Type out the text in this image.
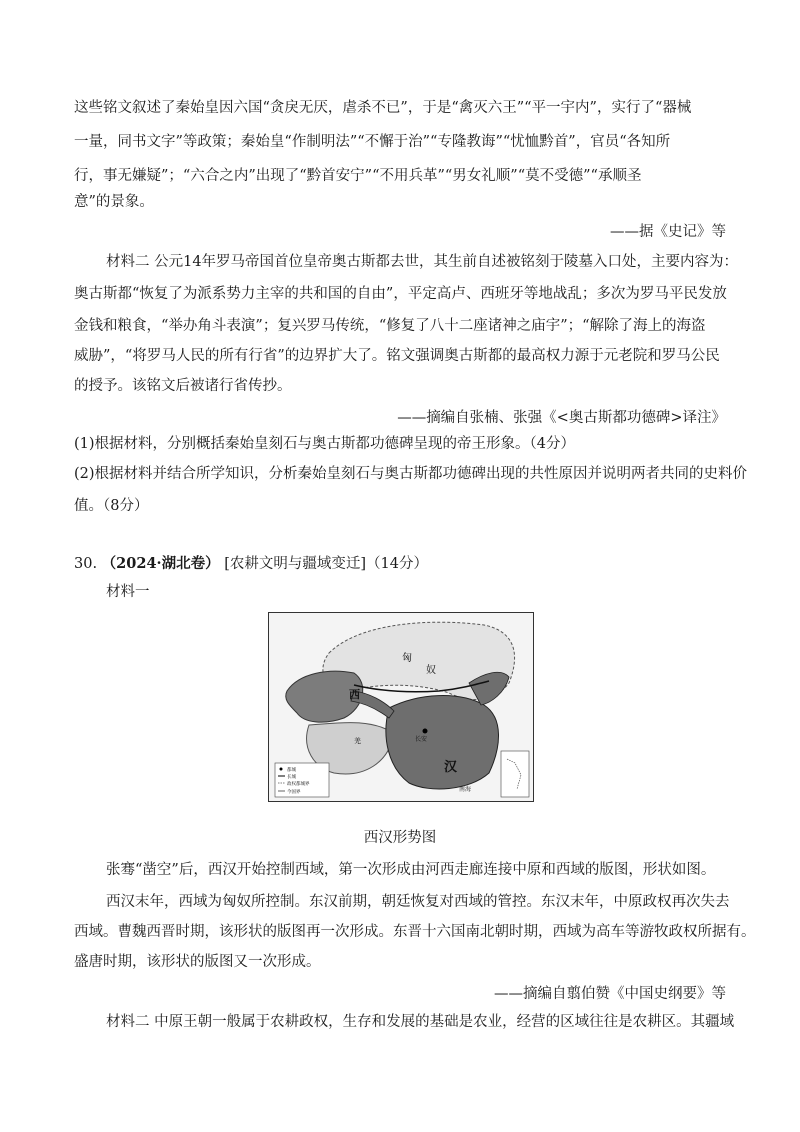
这些铭文叙述了秦始皇因六国“贪戾无厌，虐杀不已”，于是“禽灭六王”“平一宇内”，实行了“器械
一量，同书文字”等政策；秦始皇“作制明法”“不懈于治”“专隆教诲”“忧恤黔首”，官员“各知所
行，事无嫌疑”；“六合之内”出现了“黔首安宁”“不用兵革”“男女礼顺”“莫不受德”“承顺圣
意”的景象。
——据《史记》等
材料二 公元14年罗马帝国首位皇帝奥古斯都去世，其生前自述被铭刻于陵墓入口处，主要内容为：
奥古斯都“恢复了为派系势力主宰的共和国的自由”，平定高卢、西班牙等地战乱；多次为罗马平民发放
金钱和粮食，“举办角斗表演”；复兴罗马传统，“修复了八十二座诸神之庙宇”；“解除了海上的海盗
威胁”，“将罗马人民的所有行省”的边界扩大了。铭文强调奥古斯都的最高权力源于元老院和罗马公民
的授予。该铭文后被诸行省传抄。
——摘编自张楠、张强《<奥古斯都功德碑>译注》
(1)根据材料，分别概括秦始皇刻石与奥古斯都功德碑呈现的帝王形象。（4分）
(2)根据材料并结合所学知识，分析秦始皇刻石与奥古斯都功德碑出现的共性原因并说明两者共同的史料价
值。（8分）
30. （2024·湖北卷） [农耕文明与疆域变迁]（14分）
材料一
西
汉
匈
奴
长安
羌
南海
都城
长城
政权都城界
今国界
西汉形势图
张骞“凿空”后，西汉开始控制西域，第一次形成由河西走廊连接中原和西域的版图，形状如图。
西汉末年，西域为匈奴所控制。东汉前期，朝廷恢复对西域的管控。东汉末年，中原政权再次失去
西域。曹魏西晋时期，该形状的版图再一次形成。东晋十六国南北朝时期，西域为高车等游牧政权所据有。
盛唐时期，该形状的版图又一次形成。
——摘编自翦伯赞《中国史纲要》等
材料二 中原王朝一般属于农耕政权，生存和发展的基础是农业，经营的区域往往是农耕区。其疆域
